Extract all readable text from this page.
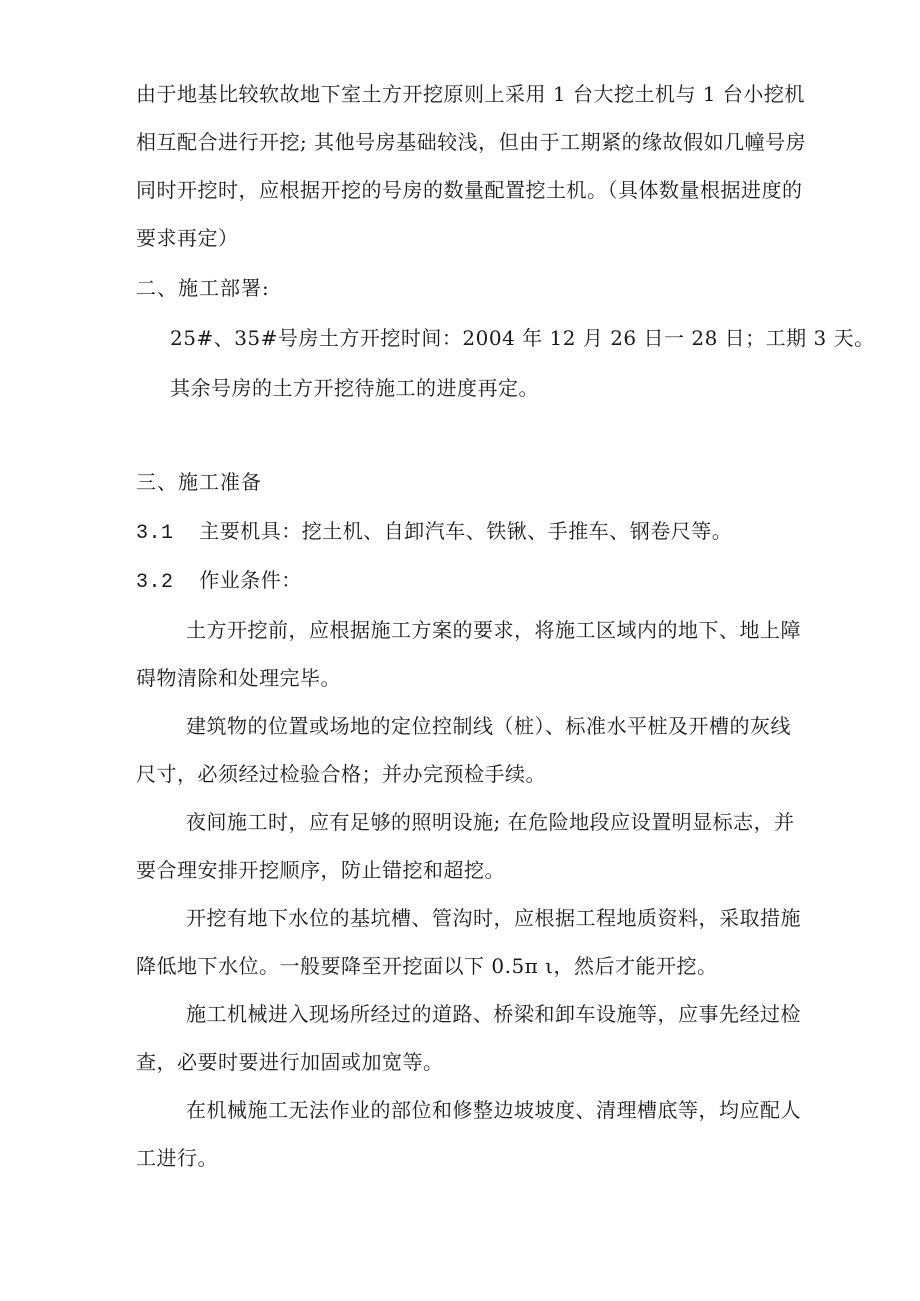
由于地基比较软故地下室土方开挖原则上采用 1 台大挖土机与 1 台小挖机
相互配合进行开挖; 其他号房基础较浅，但由于工期紧的缘故假如几幢号房
同时开挖时，应根据开挖的号房的数量配置挖土机。（具体数量根据进度的
要求再定）
二、施工部署:
25#、35#号房土方开挖时间：2004 年 12 月 26 日一 28 日；工期 3 天。
其余号房的土方开挖待施工的进度再定。
三、施工准备
3.1 主要机具：挖土机、自卸汽车、铁锹、手推车、钢卷尺等。
3.2 作业条件：
土方开挖前，应根据施工方案的要求，将施工区域内的地下、地上障
碍物清除和处理完毕。
建筑物的位置或场地的定位控制线（桩）、标准水平桩及开槽的灰线
尺寸，必须经过检验合格；并办完预检手续。
夜间施工时，应有足够的照明设施; 在危险地段应设置明显标志，并
要合理安排开挖顺序，防止错挖和超挖。
开挖有地下水位的基坑槽、管沟时，应根据工程地质资料，采取措施
降低地下水位。一般要降至开挖面以下 0.5π ι，然后才能开挖。
施工机械进入现场所经过的道路、桥梁和卸车设施等，应事先经过检
查，必要时要进行加固或加宽等。
在机械施工无法作业的部位和修整边坡坡度、清理槽底等，均应配人
工进行。
